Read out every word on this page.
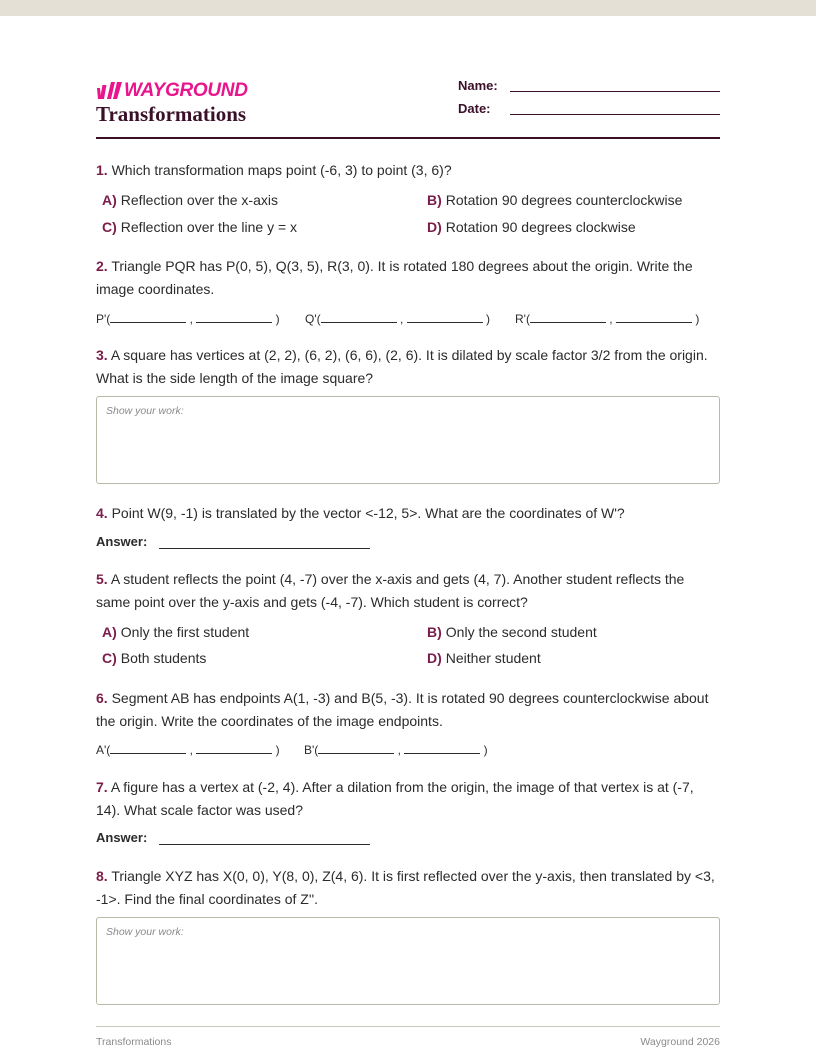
WAYGROUND
Transformations
Name:
Date:
1. Which transformation maps point (-6, 3) to point (3, 6)?
A) Reflection over the x-axis	B) Rotation 90 degrees counterclockwise
C) Reflection over the line y = x	D) Rotation 90 degrees clockwise
2. Triangle PQR has P(0, 5), Q(3, 5), R(3, 0). It is rotated 180 degrees about the origin. Write the image coordinates.
P'(	,	) Q'(	,	) R'(	,	)
3. A square has vertices at (2, 2), (6, 2), (6, 6), (2, 6). It is dilated by scale factor 3/2 from the origin. What is the side length of the image square?
Show your work:
4. Point W(9, -1) is translated by the vector <-12, 5>. What are the coordinates of W'?
Answer:
5. A student reflects the point (4, -7) over the x-axis and gets (4, 7). Another student reflects the same point over the y-axis and gets (-4, -7). Which student is correct?
A) Only the first student	B) Only the second student
C) Both students	D) Neither student
6. Segment AB has endpoints A(1, -3) and B(5, -3). It is rotated 90 degrees counterclockwise about the origin. Write the coordinates of the image endpoints.
A'(	,	) B'(	,	)
7. A figure has a vertex at (-2, 4). After a dilation from the origin, the image of that vertex is at (-7, 14). What scale factor was used?
Answer:
8. Triangle XYZ has X(0, 0), Y(8, 0), Z(4, 6). It is first reflected over the y-axis, then translated by <3, -1>. Find the final coordinates of Z''.
Show your work:
Transformations	Wayground 2026
